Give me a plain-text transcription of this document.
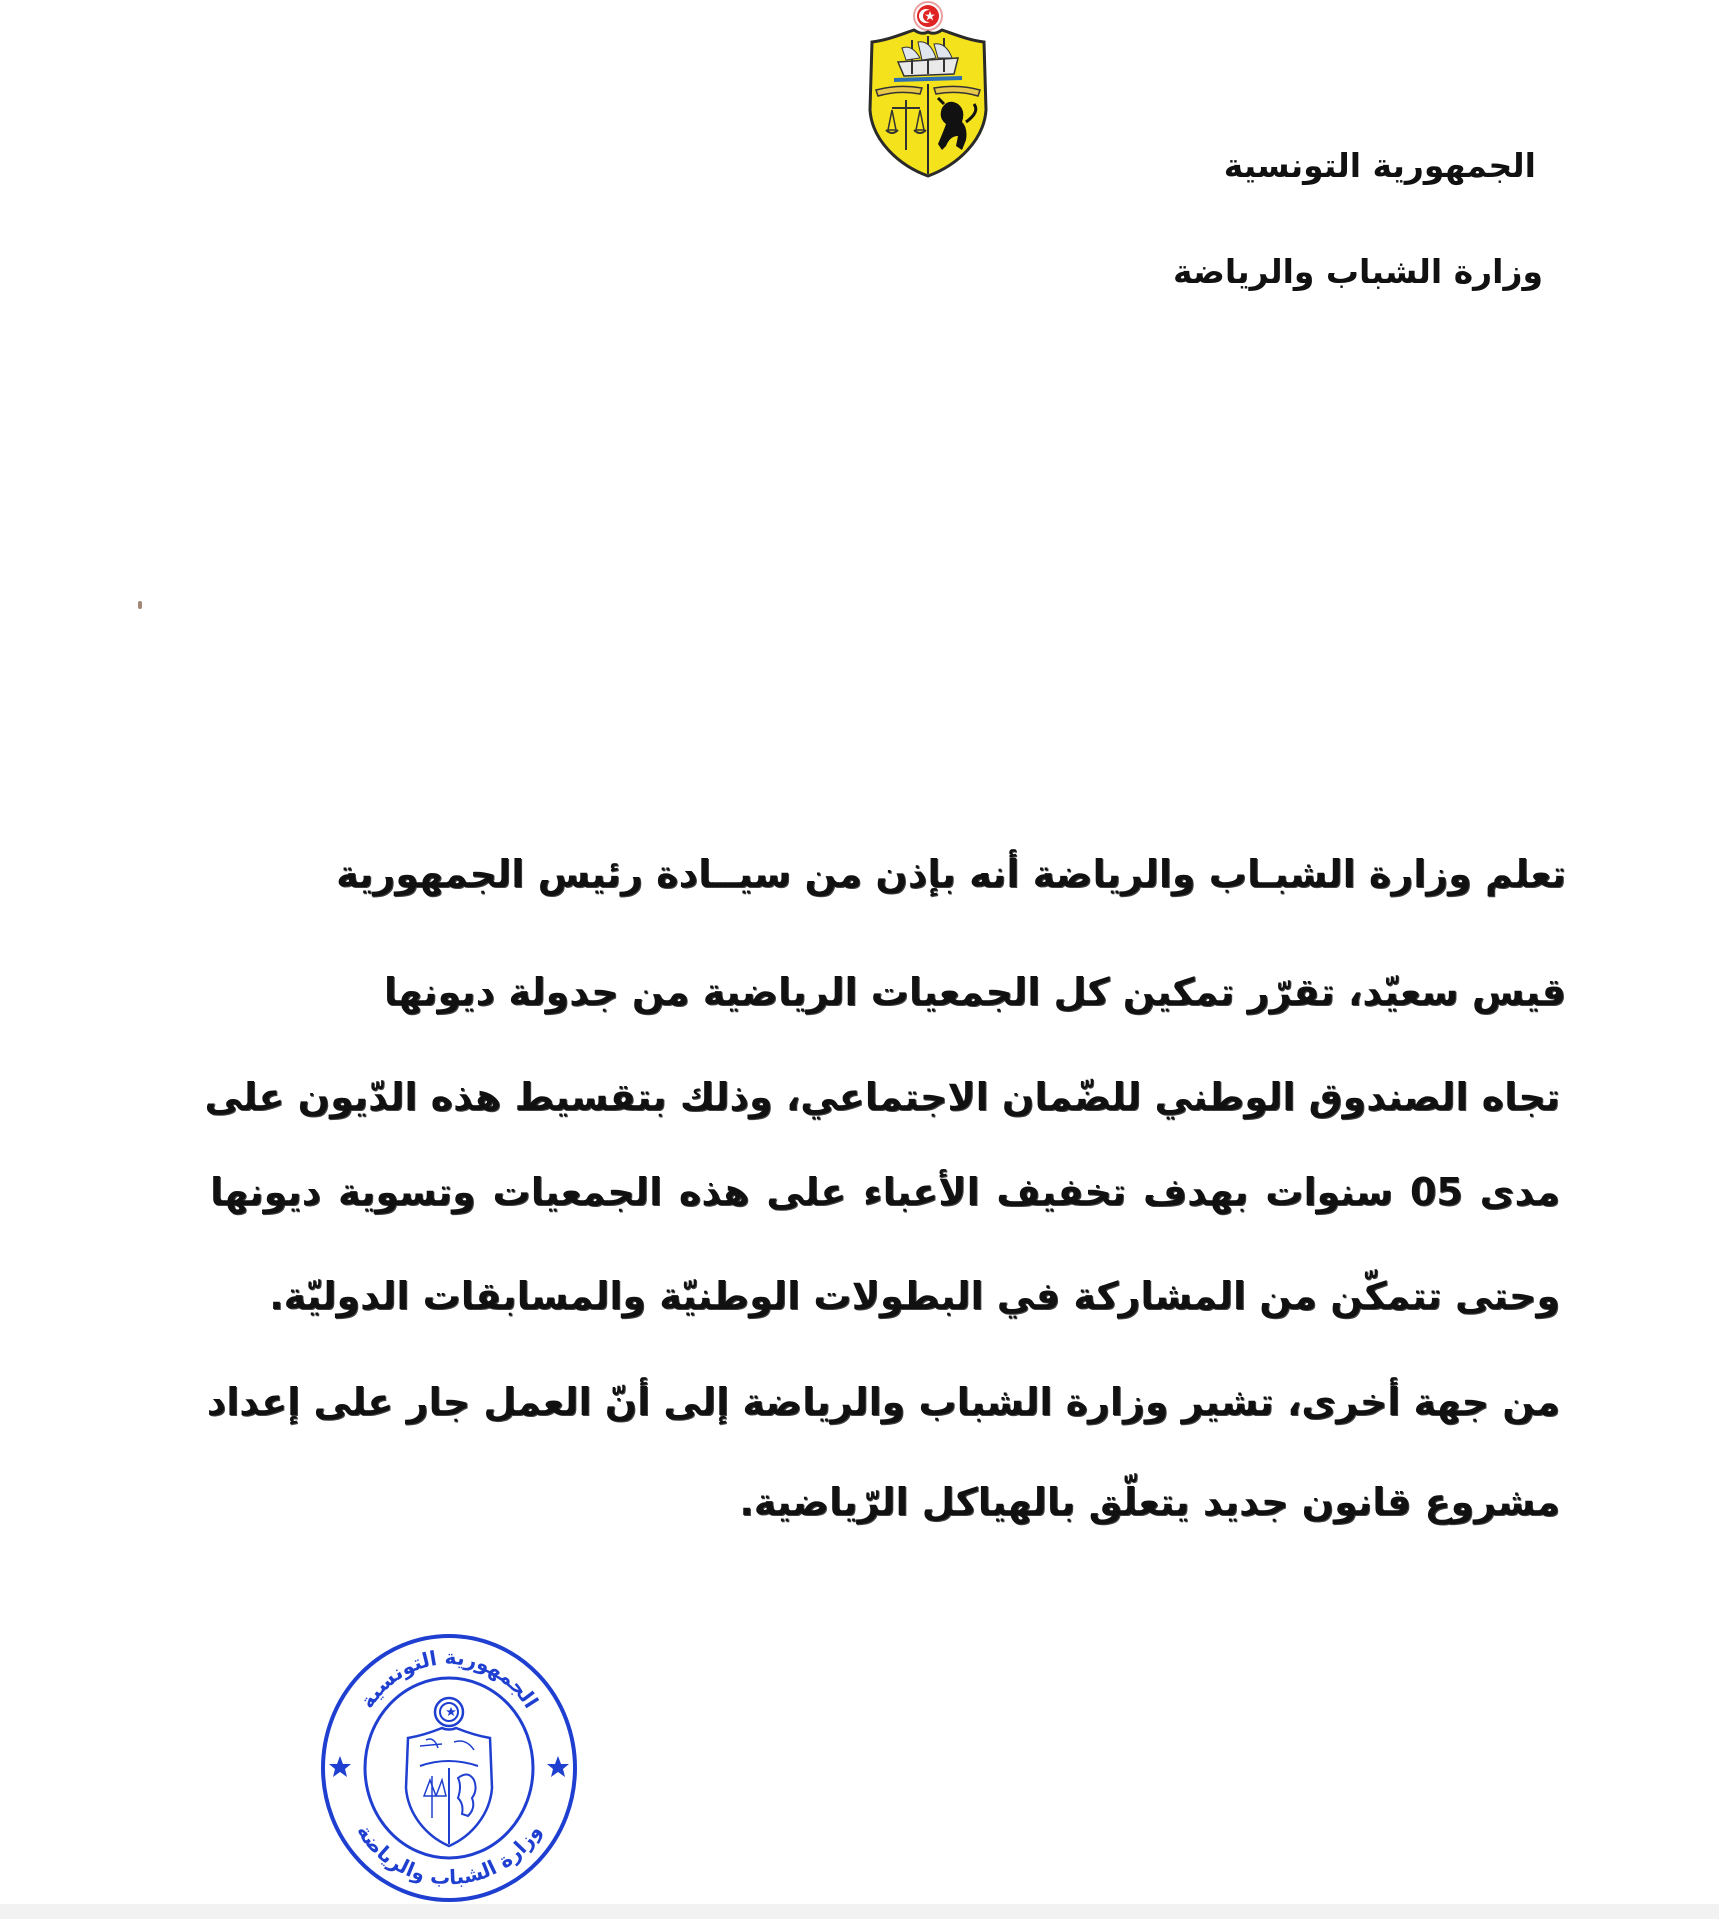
الجمهورية التونسية
وزارة الشباب والرياضة
تعلم وزارة الشبـاب والرياضة أنه بإذن من سيــادة رئيس الجمهورية
قيس سعيّد، تقرّر تمكين كل الجمعيات الرياضية من جدولة ديونها
تجاه الصندوق الوطني للضّمان الاجتماعي، وذلك بتقسيط هذه الدّيون على
مدى 05 سنوات بهدف تخفيف الأعباء على هذه الجمعيات وتسوية ديونها
وحتى تتمكّن من المشاركة في البطولات الوطنيّة والمسابقات الدوليّة.
من جهة أخرى، تشير وزارة الشباب والرياضة إلى أنّ العمل جار على إعداد
مشروع قانون جديد يتعلّق بالهياكل الرّياضية.
الجمهورية التونسية
وزارة الشباب والرياضة
